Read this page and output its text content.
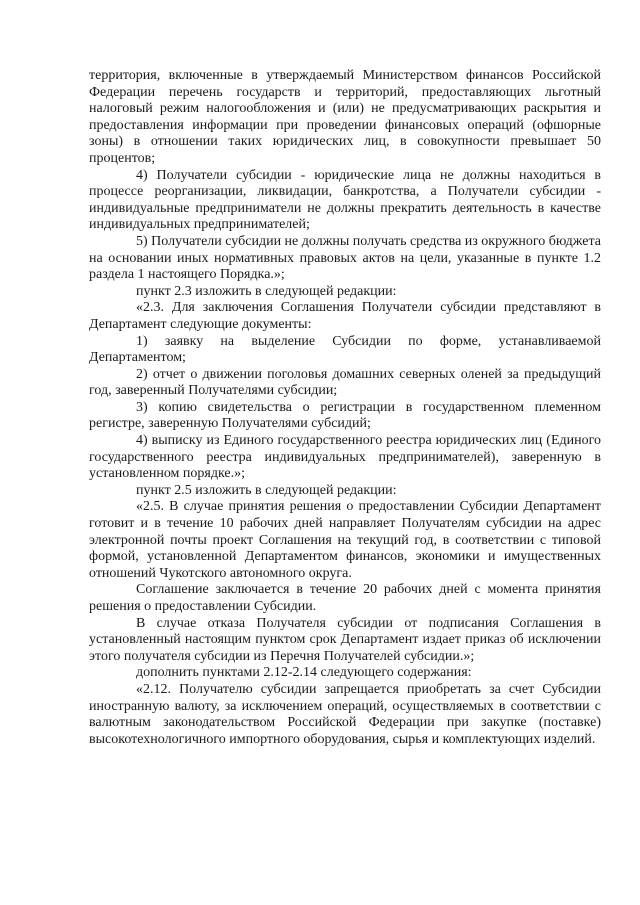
территория, включенные в утверждаемый Министерством финансов Российской Федерации перечень государств и территорий, предоставляющих льготный налоговый режим налогообложения и (или) не предусматривающих раскрытия и предоставления информации при проведении финансовых операций (офшорные зоны) в отношении таких юридических лиц, в совокупности превышает 50 процентов;

4) Получатели субсидии - юридические лица не должны находиться в процессе реорганизации, ликвидации, банкротства, а Получатели субсидии - индивидуальные предприниматели не должны прекратить деятельность в качестве индивидуальных предпринимателей;

5) Получатели субсидии не должны получать средства из окружного бюджета на основании иных нормативных правовых актов на цели, указанные в пункте 1.2 раздела 1 настоящего Порядка.»;

пункт 2.3 изложить в следующей редакции:

«2.3. Для заключения Соглашения Получатели субсидии представляют в Департамент следующие документы:

1) заявку на выделение Субсидии по форме, устанавливаемой Департаментом;

2) отчет о движении поголовья домашних северных оленей за предыдущий год, заверенный Получателями субсидии;

3) копию свидетельства о регистрации в государственном племенном регистре, заверенную Получателями субсидий;

4) выписку из Единого государственного реестра юридических лиц (Единого государственного реестра индивидуальных предпринимателей), заверенную в установленном порядке.»;

пункт 2.5 изложить в следующей редакции:

«2.5. В случае принятия решения о предоставлении Субсидии Департамент готовит и в течение 10 рабочих дней направляет Получателям субсидии на адрес электронной почты проект Соглашения на текущий год, в соответствии с типовой формой, установленной Департаментом финансов, экономики и имущественных отношений Чукотского автономного округа.

Соглашение заключается в течение 20 рабочих дней с момента принятия решения о предоставлении Субсидии.

В случае отказа Получателя субсидии от подписания Соглашения в установленный настоящим пунктом срок Департамент издает приказ об исключении этого получателя субсидии из Перечня Получателей субсидии.»;

дополнить пунктами 2.12-2.14 следующего содержания:

«2.12. Получателю субсидии запрещается приобретать за счет Субсидии иностранную валюту, за исключением операций, осуществляемых в соответствии с валютным законодательством Российской Федерации при закупке (поставке) высокотехнологичного импортного оборудования, сырья и комплектующих изделий.
